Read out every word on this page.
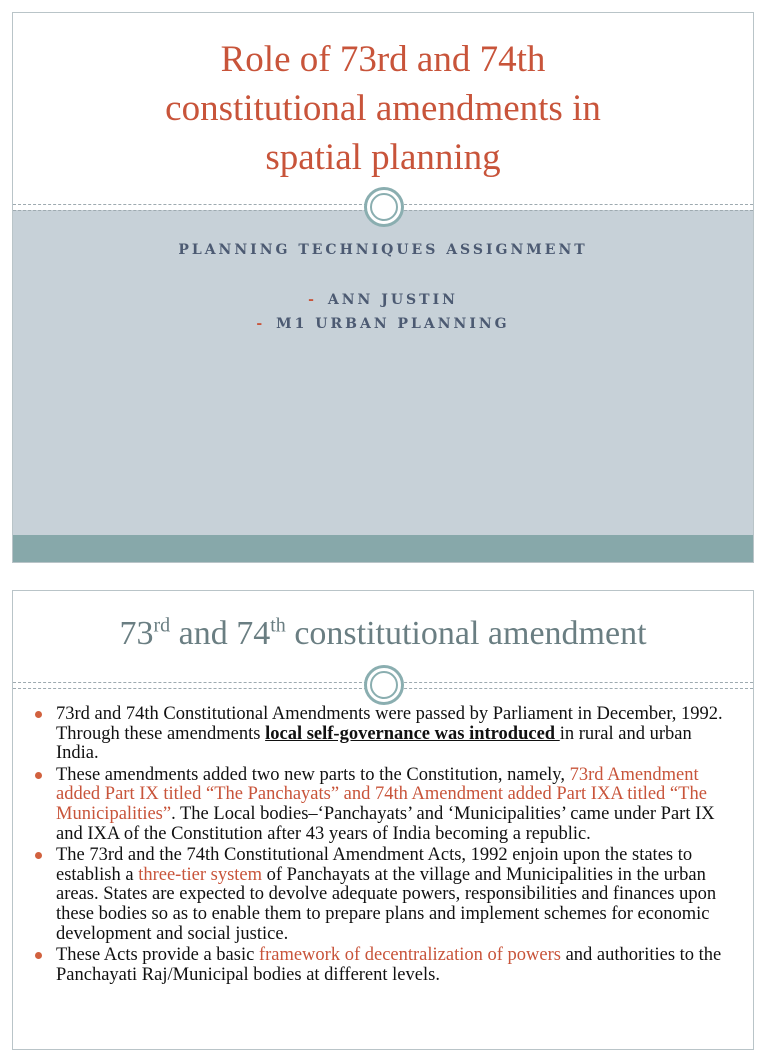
Role of 73rd and 74th
constitutional amendments in
spatial planning
PLANNING TECHNIQUES ASSIGNMENT
- ANN JUSTIN
- M1 URBAN PLANNING
73rd and 74th constitutional amendment
73rd and 74th Constitutional Amendments were passed by Parliament in December, 1992. Through these amendments local self-governance was introduced in rural and urban India.
These amendments added two new parts to the Constitution, namely, 73rd Amendment added Part IX titled “The Panchayats” and 74th Amendment added Part IXA titled “The Municipalities”. The Local bodies–‘Panchayats’ and ‘Municipalities’ came under Part IX and IXA of the Constitution after 43 years of India becoming a republic.
The 73rd and the 74th Constitutional Amendment Acts, 1992 enjoin upon the states to establish a three-tier system of Panchayats at the village and Municipalities in the urban areas. States are expected to devolve adequate powers, responsibilities and finances upon these bodies so as to enable them to prepare plans and implement schemes for economic development and social justice.
These Acts provide a basic framework of decentralization of powers and authorities to the Panchayati Raj/Municipal bodies at different levels.
